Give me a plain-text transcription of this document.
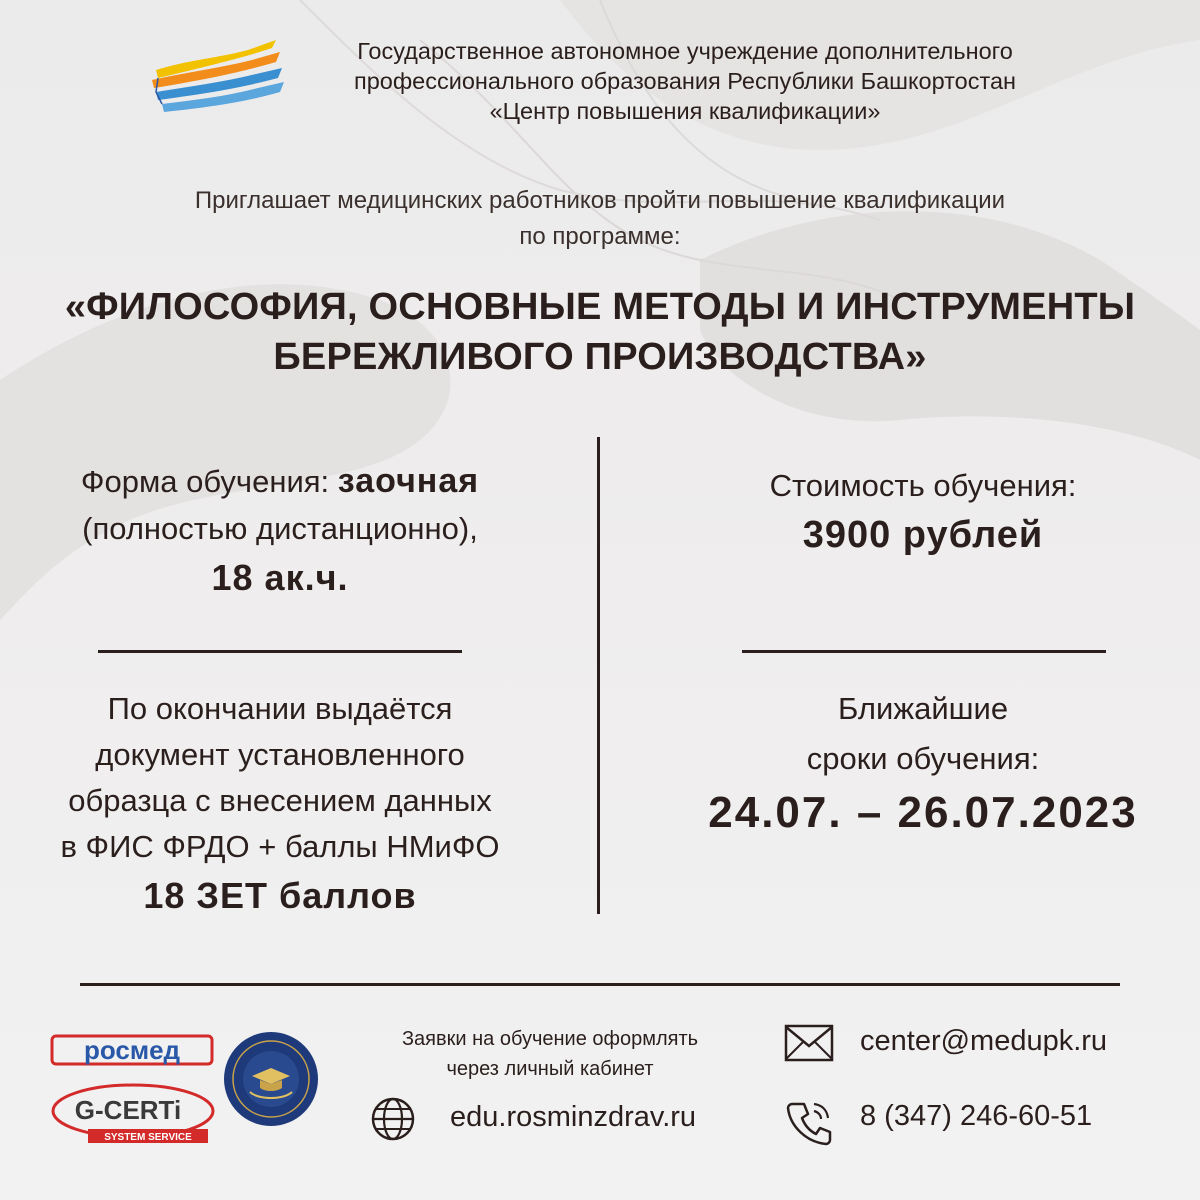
Государственное автономное учреждение дополнительного
профессионального образования Республики Башкортостан
«Центр повышения квалификации»
Приглашает медицинских работников пройти повышение квалификации
по программе:
«ФИЛОСОФИЯ, ОСНОВНЫЕ МЕТОДЫ И ИНСТРУМЕНТЫ
БЕРЕЖЛИВОГО ПРОИЗВОДСТВА»
Форма обучения: заочная
(полностью дистанционно),
18 ак.ч.
По окончании выдаётся
документ установленного
образца с внесением данных
в ФИС ФРДО + баллы НМиФО
18 ЗЕТ баллов
Стоимость обучения:
3900 рублей
Ближайшие
сроки обучения:
24.07. – 26.07.2023
росмед
G-CERTi
SYSTEM SERVICE
Заявки на обучение оформлять
через личный кабинет
edu.rosminzdrav.ru
center@medupk.ru
8 (347) 246-60-51
